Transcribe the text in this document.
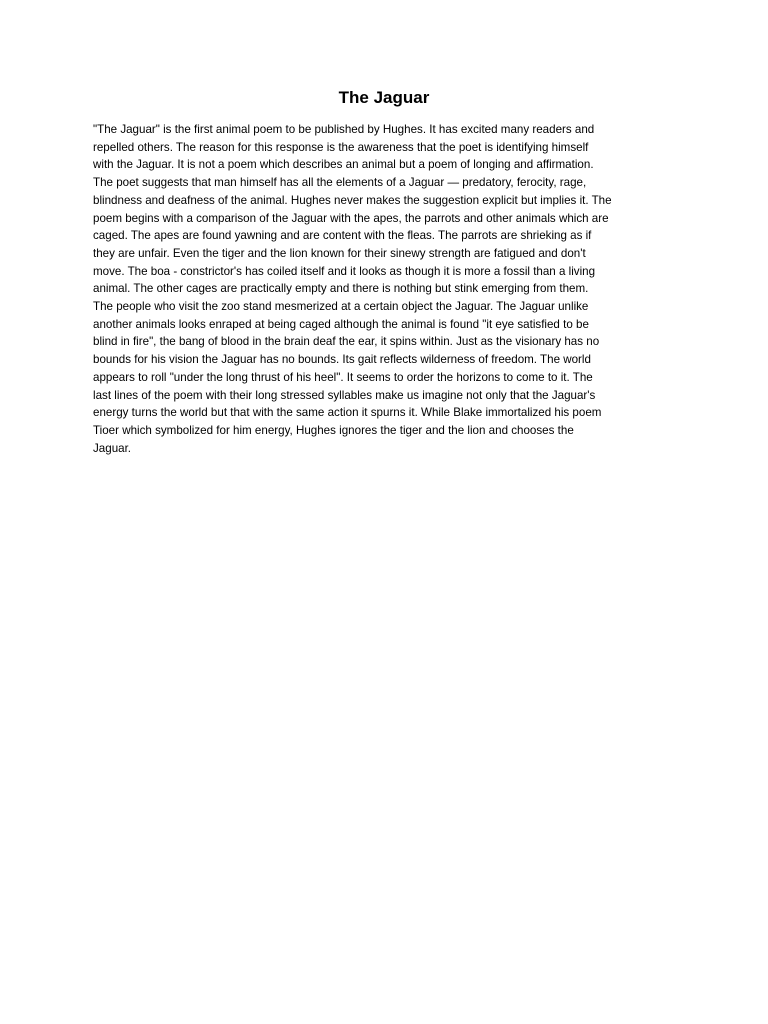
The Jaguar
"The Jaguar" is the first animal poem to be published by Hughes. It has excited many readers and
repelled others. The reason for this response is the awareness that the poet is identifying himself
with the Jaguar. It is not a poem which describes an animal but a poem of longing and affirmation.
The poet suggests that man himself has all the elements of a Jaguar — predatory, ferocity, rage,
blindness and deafness of the animal. Hughes never makes the suggestion explicit but implies it. The
poem begins with a comparison of the Jaguar with the apes, the parrots and other animals which are
caged. The apes are found yawning and are content with the fleas. The parrots are shrieking as if
they are unfair. Even the tiger and the lion known for their sinewy strength are fatigued and don't
move. The boa - constrictor's has coiled itself and it looks as though it is more a fossil than a living
animal. The other cages are practically empty and there is nothing but stink emerging from them.
The people who visit the zoo stand mesmerized at a certain object the Jaguar. The Jaguar unlike
another animals looks enraped at being caged although the animal is found "it eye satisfied to be
blind in fire", the bang of blood in the brain deaf the ear, it spins within. Just as the visionary has no
bounds for his vision the Jaguar has no bounds. Its gait reflects wilderness of freedom. The world
appears to roll "under the long thrust of his heel". It seems to order the horizons to come to it. The
last lines of the poem with their long stressed syllables make us imagine not only that the Jaguar's
energy turns the world but that with the same action it spurns it. While Blake immortalized his poem
Tioer which symbolized for him energy, Hughes ignores the tiger and the lion and chooses the
Jaguar.
